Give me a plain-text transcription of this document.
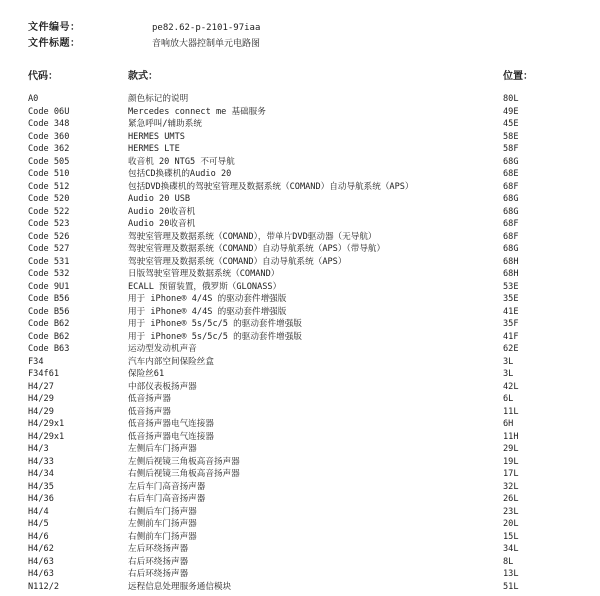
文件编号：	pe82.62-p-2101-97iaa
文件标题：	音响放大器控制单元电路图
代码：	款式：	位置：
A0	颜色标记的说明	80L
Code 06U	Mercedes connect me 基础服务	49E
Code 348	紧急呼叫/辅助系统	45E
Code 360	HERMES UMTS	58E
Code 362	HERMES LTE	58F
Code 505	收音机 20 NTG5 不可导航	68G
Code 510	包括CD换碟机的Audio 20	68E
Code 512	包括DVD换碟机的驾驶室管理及数据系统（COMAND）自动导航系统（APS）	68F
Code 520	Audio 20 USB	68G
Code 522	Audio 20收音机	68G
Code 523	Audio 20收音机	68F
Code 526	驾驶室管理及数据系统（COMAND），带单片DVD驱动器（无导航）	68F
Code 527	驾驶室管理及数据系统（COMAND）自动导航系统（APS）（带导航）	68G
Code 531	驾驶室管理及数据系统（COMAND）自动导航系统（APS）	68H
Code 532	日版驾驶室管理及数据系统（COMAND）	68H
Code 9U1	ECALL 预留装置，俄罗斯（GLONASS）	53E
Code B56	用于 iPhone® 4/4S 的驱动套件增强版	35E
Code B56	用于 iPhone® 4/4S 的驱动套件增强版	41E
Code B62	用于 iPhone® 5s/5c/5 的驱动套件增强版	35F
Code B62	用于 iPhone® 5s/5c/5 的驱动套件增强版	41F
Code B63	运动型发动机声音	62E
F34	汽车内部空间保险丝盒	3L
F34f61	保险丝61	3L
H4/27	中部仪表板扬声器	42L
H4/29	低音扬声器	6L
H4/29	低音扬声器	11L
H4/29x1	低音扬声器电气连接器	6H
H4/29x1	低音扬声器电气连接器	11H
H4/3	左侧后车门扬声器	29L
H4/33	左侧后视镜三角板高音扬声器	19L
H4/34	右侧后视镜三角板高音扬声器	17L
H4/35	左后车门高音扬声器	32L
H4/36	右后车门高音扬声器	26L
H4/4	右侧后车门扬声器	23L
H4/5	左侧前车门扬声器	20L
H4/6	右侧前车门扬声器	15L
H4/62	左后环绕扬声器	34L
H4/63	右后环绕扬声器	8L
H4/63	右后环绕扬声器	13L
N112/2	远程信息处理服务通信模块	51L
